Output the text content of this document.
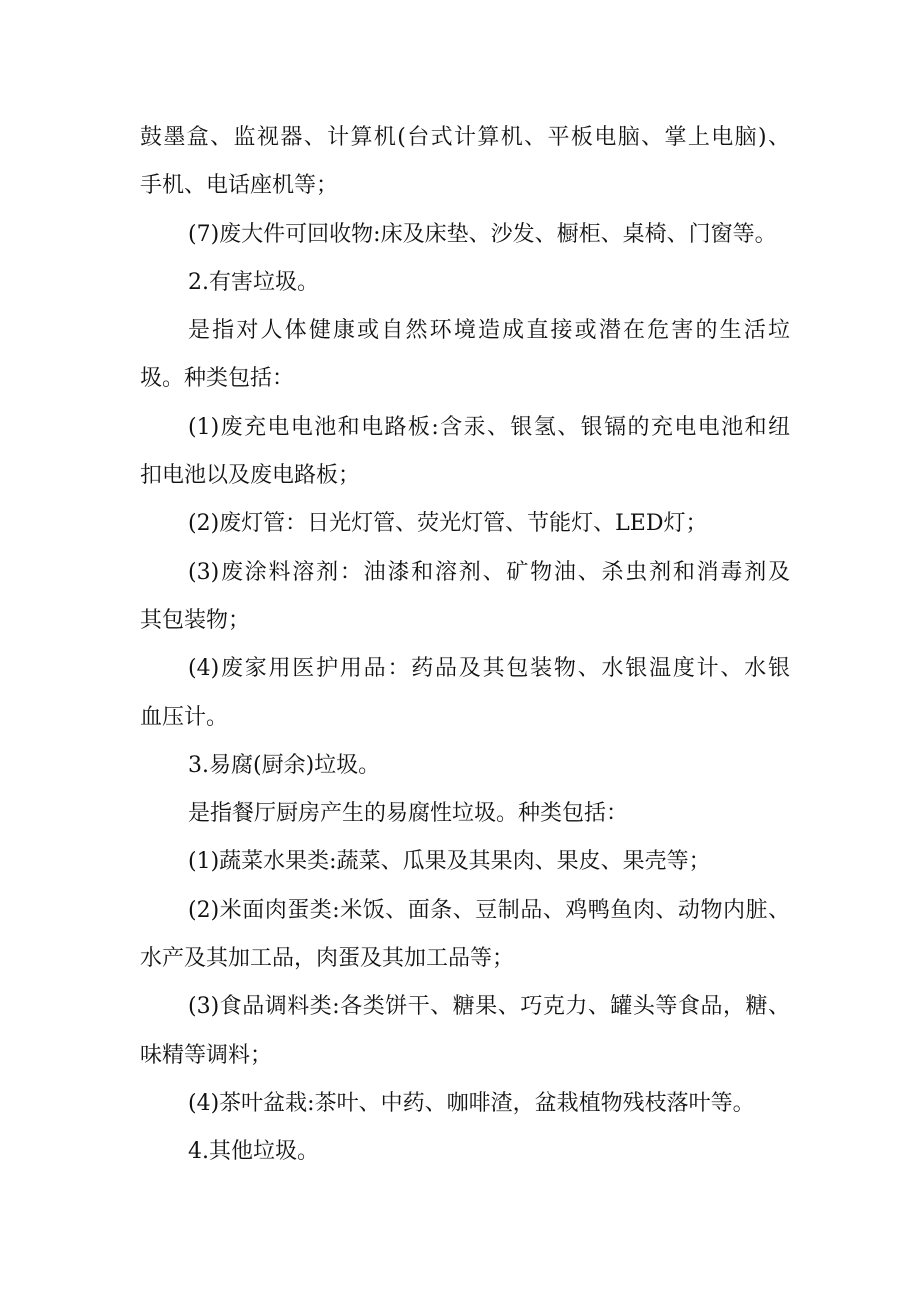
鼓墨盒、监视器、计算机(台式计算机、平板电脑、掌上电脑)、
手机、电话座机等；
(7)废大件可回收物:床及床垫、沙发、橱柜、桌椅、门窗等。
2.有害垃圾。
是指对人体健康或自然环境造成直接或潜在危害的生活垃
圾。种类包括：
(1)废充电电池和电路板:含汞、银氢、银镉的充电电池和纽
扣电池以及废电路板；
(2)废灯管：日光灯管、荧光灯管、节能灯、LED灯；
(3)废涂料溶剂：油漆和溶剂、矿物油、杀虫剂和消毒剂及
其包装物；
(4)废家用医护用品：药品及其包装物、水银温度计、水银
血压计。
3.易腐(厨余)垃圾。
是指餐厅厨房产生的易腐性垃圾。种类包括：
(1)蔬菜水果类:蔬菜、瓜果及其果肉、果皮、果壳等；
(2)米面肉蛋类:米饭、面条、豆制品、鸡鸭鱼肉、动物内脏、
水产及其加工品，肉蛋及其加工品等；
(3)食品调料类:各类饼干、糖果、巧克力、罐头等食品，糖、
味精等调料；
(4)茶叶盆栽:茶叶、中药、咖啡渣，盆栽植物残枝落叶等。
4.其他垃圾。
